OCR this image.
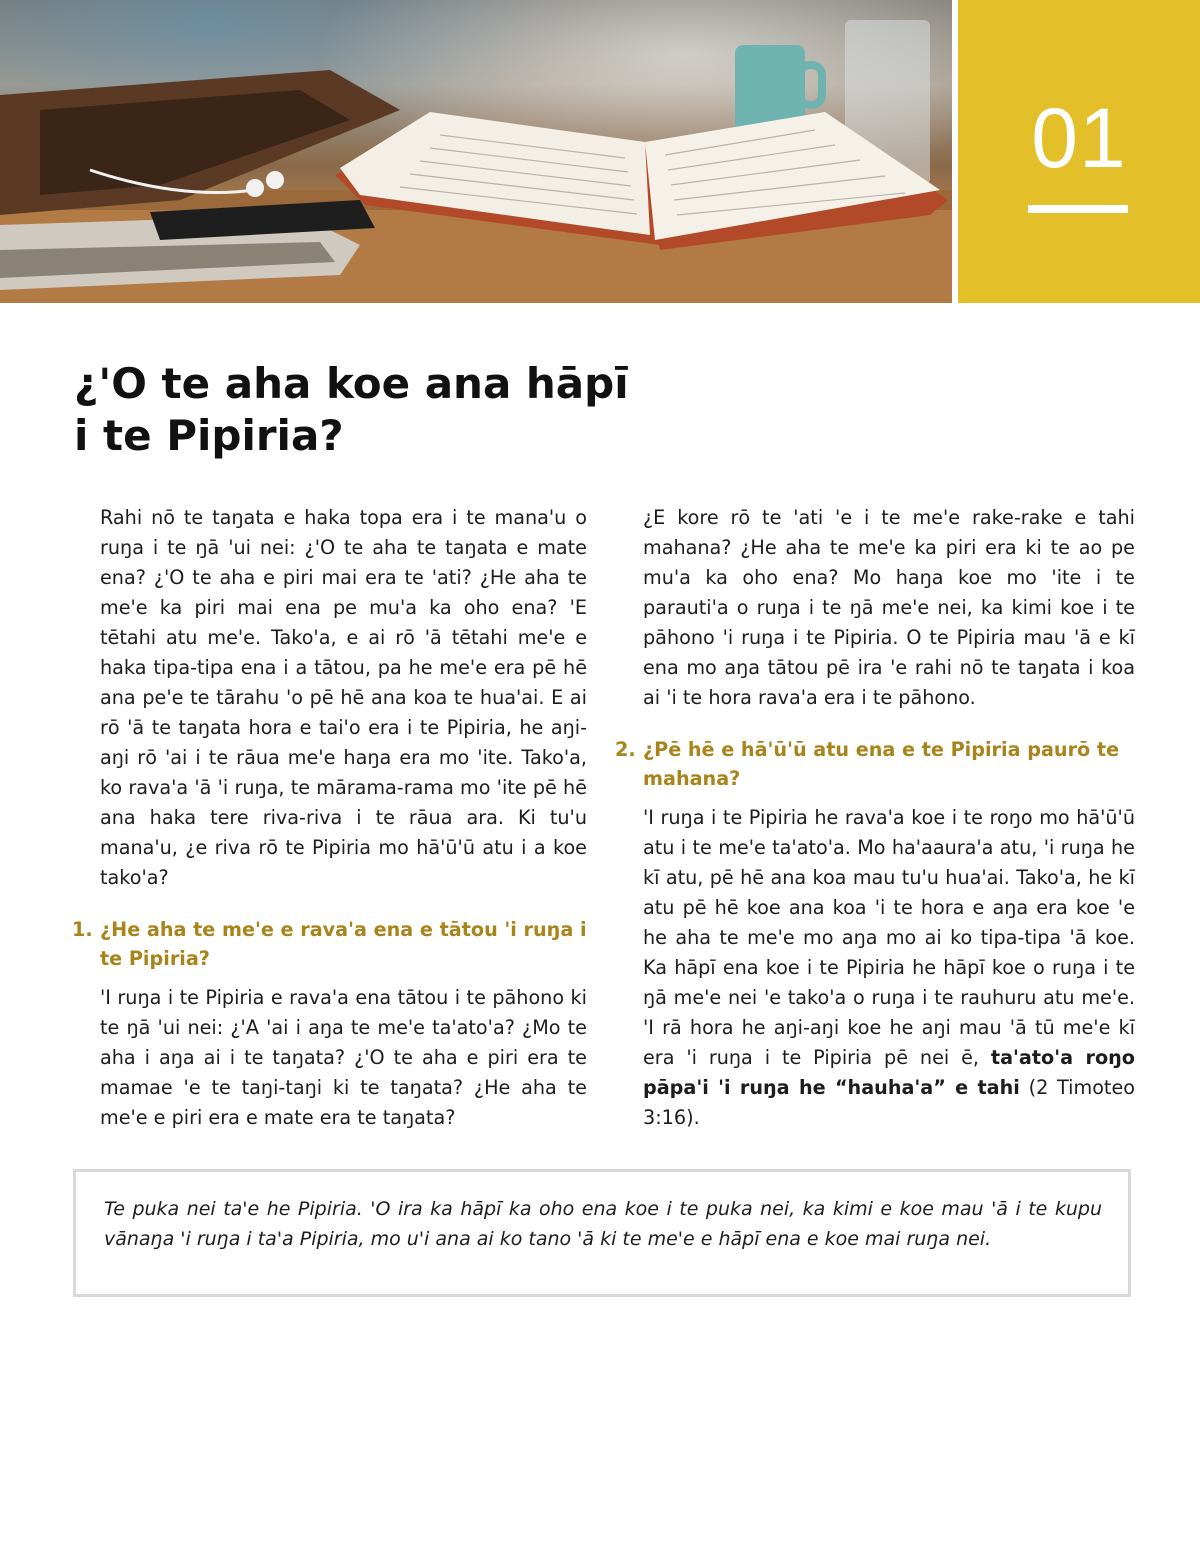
01
¿'O te aha koe ana hāpī
i te Pipiria?

Rahi nō te taŋata e haka topa era i te mana'u o ruŋa i te ŋā 'ui nei: ¿'O te aha te taŋata e mate ena? ¿'O te aha e piri mai era te 'ati? ¿He aha te me'e ka piri mai ena pe mu'a ka oho ena? 'E tētahi atu me'e. Tako'a, e ai rō 'ā tētahi me'e e haka tipa-tipa ena i a tātou, pa he me'e era pē hē ana pe'e te tārahu 'o pē hē ana koa te hua'ai. E ai rō 'ā te taŋata hora e tai'o era i te Pipiria, he aŋi-aŋi rō 'ai i te rāua me'e haŋa era mo 'ite. Tako'a, ko rava'a 'ā 'i ruŋa, te mārama-rama mo 'ite pē hē ana haka tere riva-riva i te rāua ara. Ki tu'u mana'u, ¿e riva rō te Pipiria mo hā'ū'ū atu i a koe tako'a?

1. ¿He aha te me'e e rava'a ena e tātou 'i ruŋa i te Pipiria?

'I ruŋa i te Pipiria e rava'a ena tātou i te pāhono ki te ŋā 'ui nei: ¿'A 'ai i aŋa te me'e ta'ato'a? ¿Mo te aha i aŋa ai i te taŋata? ¿'O te aha e piri era te mamae 'e te taŋi-taŋi ki te taŋata? ¿He aha te me'e e piri era e mate era te taŋata?

¿E kore rō te 'ati 'e i te me'e rake-rake e tahi mahana? ¿He aha te me'e ka piri era ki te ao pe mu'a ka oho ena? Mo haŋa koe mo 'ite i te parauti'a o ruŋa i te ŋā me'e nei, ka kimi koe i te pāhono 'i ruŋa i te Pipiria. O te Pipiria mau 'ā e kī ena mo aŋa tātou pē ira 'e rahi nō te taŋata i koa ai 'i te hora rava'a era i te pāhono.

2. ¿Pē hē e hā'ū'ū atu ena e te Pipiria paurō te mahana?

'I ruŋa i te Pipiria he rava'a koe i te roŋo mo hā'ū'ū atu i te me'e ta'ato'a. Mo ha'aaura'a atu, 'i ruŋa he kī atu, pē hē ana koa mau tu'u hua'ai. Tako'a, he kī atu pē hē koe ana koa 'i te hora e aŋa era koe 'e he aha te me'e mo aŋa mo ai ko tipa-tipa 'ā koe. Ka hāpī ena koe i te Pipiria he hāpī koe o ruŋa i te ŋā me'e nei 'e tako'a o ruŋa i te rauhuru atu me'e. 'I rā hora he aŋi-aŋi koe he aŋi mau 'ā tū me'e kī era 'i ruŋa i te Pipiria pē nei ē, ta'ato'a roŋo pāpa'i 'i ruŋa he “hauha'a” e tahi (2 Timoteo 3:16).

Te puka nei ta'e he Pipiria. 'O ira ka hāpī ka oho ena koe i te puka nei, ka kimi e koe mau 'ā i te kupu vānaŋa 'i ruŋa i ta'a Pipiria, mo u'i ana ai ko tano 'ā ki te me'e e hāpī ena e koe mai ruŋa nei.
